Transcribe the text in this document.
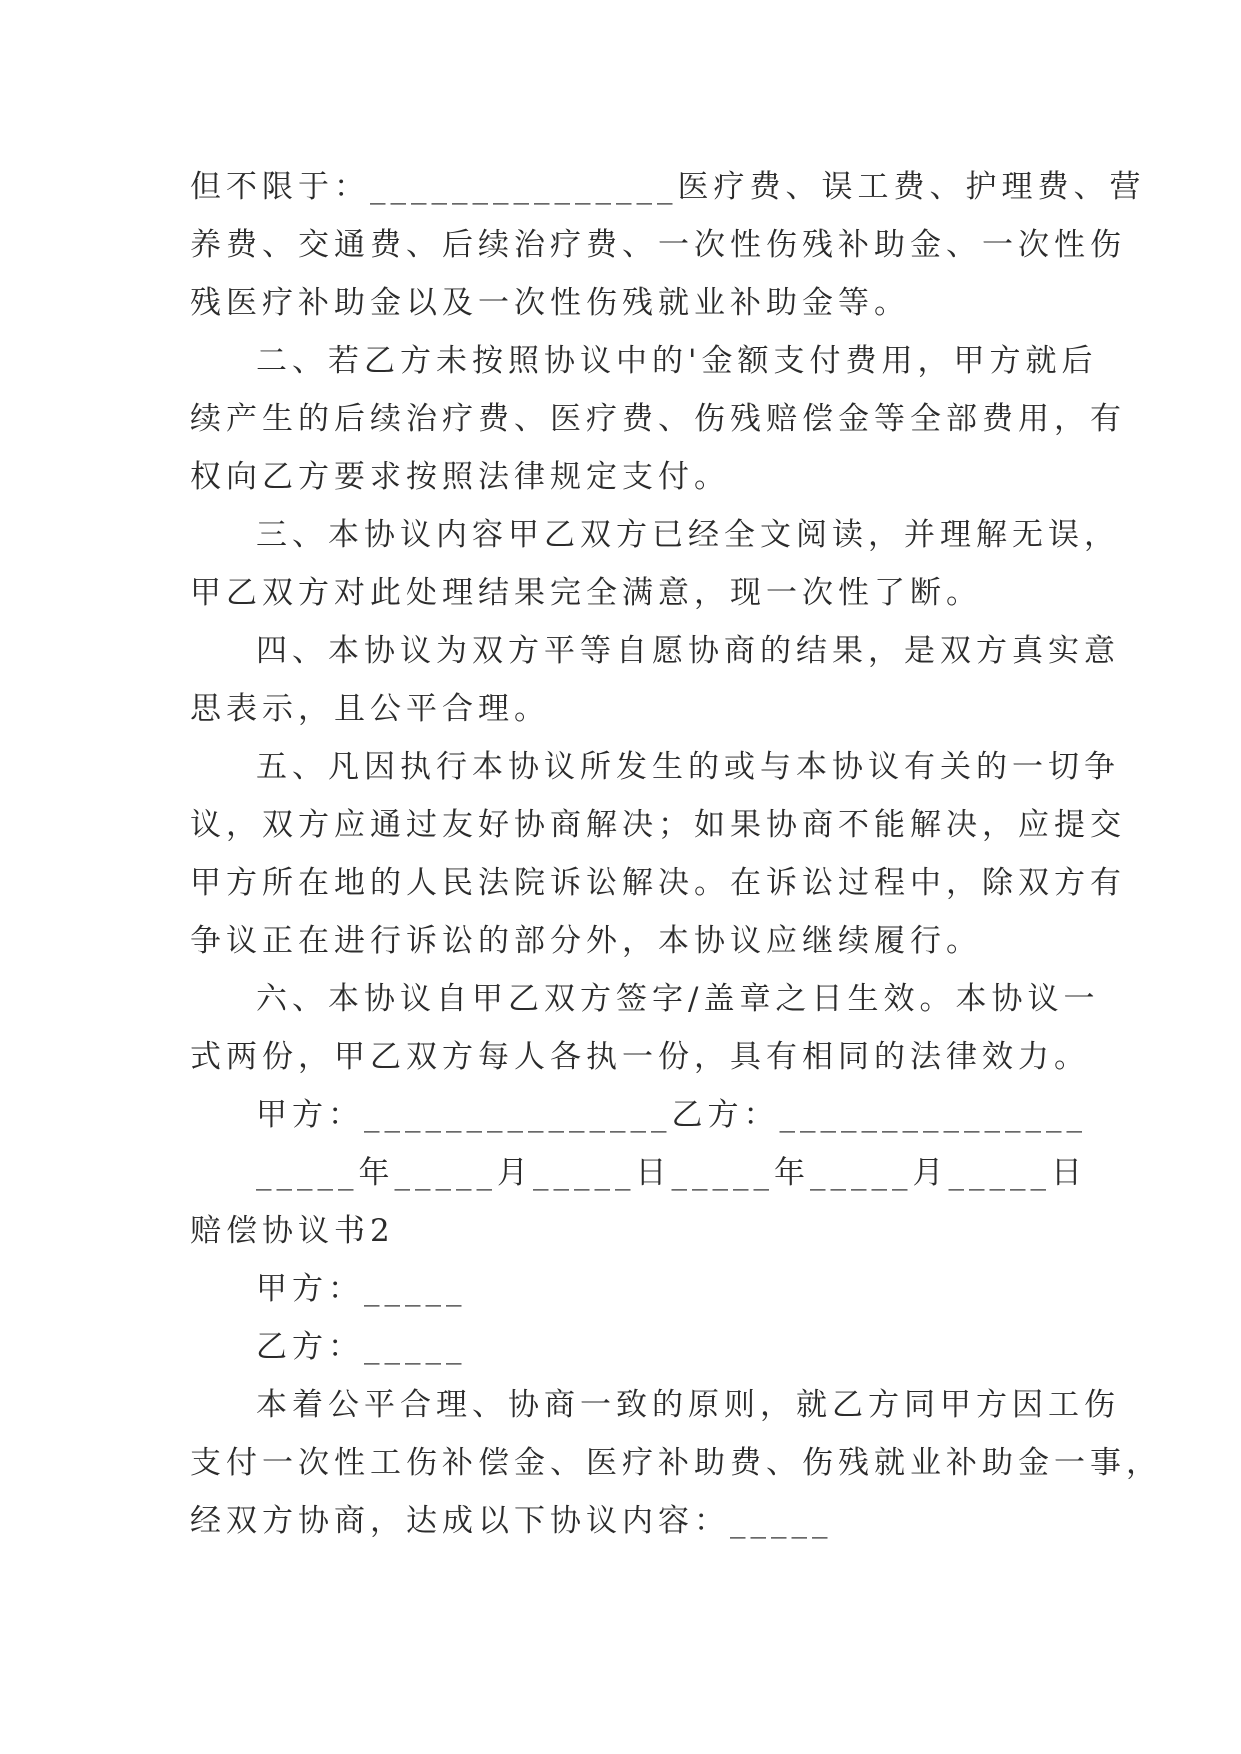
但不限于：_______________医疗费、误工费、护理费、营
养费、交通费、后续治疗费、一次性伤残补助金、一次性伤
残医疗补助金以及一次性伤残就业补助金等。
二、若乙方未按照协议中的'金额支付费用，甲方就后
续产生的后续治疗费、医疗费、伤残赔偿金等全部费用，有
权向乙方要求按照法律规定支付。
三、本协议内容甲乙双方已经全文阅读，并理解无误，
甲乙双方对此处理结果完全满意，现一次性了断。
四、本协议为双方平等自愿协商的结果，是双方真实意
思表示，且公平合理。
五、凡因执行本协议所发生的或与本协议有关的一切争
议，双方应通过友好协商解决；如果协商不能解决，应提交
甲方所在地的人民法院诉讼解决。在诉讼过程中，除双方有
争议正在进行诉讼的部分外，本协议应继续履行。
六、本协议自甲乙双方签字/盖章之日生效。本协议一
式两份，甲乙双方每人各执一份，具有相同的法律效力。
甲方：_______________乙方：_______________
_____年_____月_____日_____年_____月_____日
赔偿协议书2
甲方：_____
乙方：_____
本着公平合理、协商一致的原则，就乙方同甲方因工伤
支付一次性工伤补偿金、医疗补助费、伤残就业补助金一事，
经双方协商，达成以下协议内容：_____
